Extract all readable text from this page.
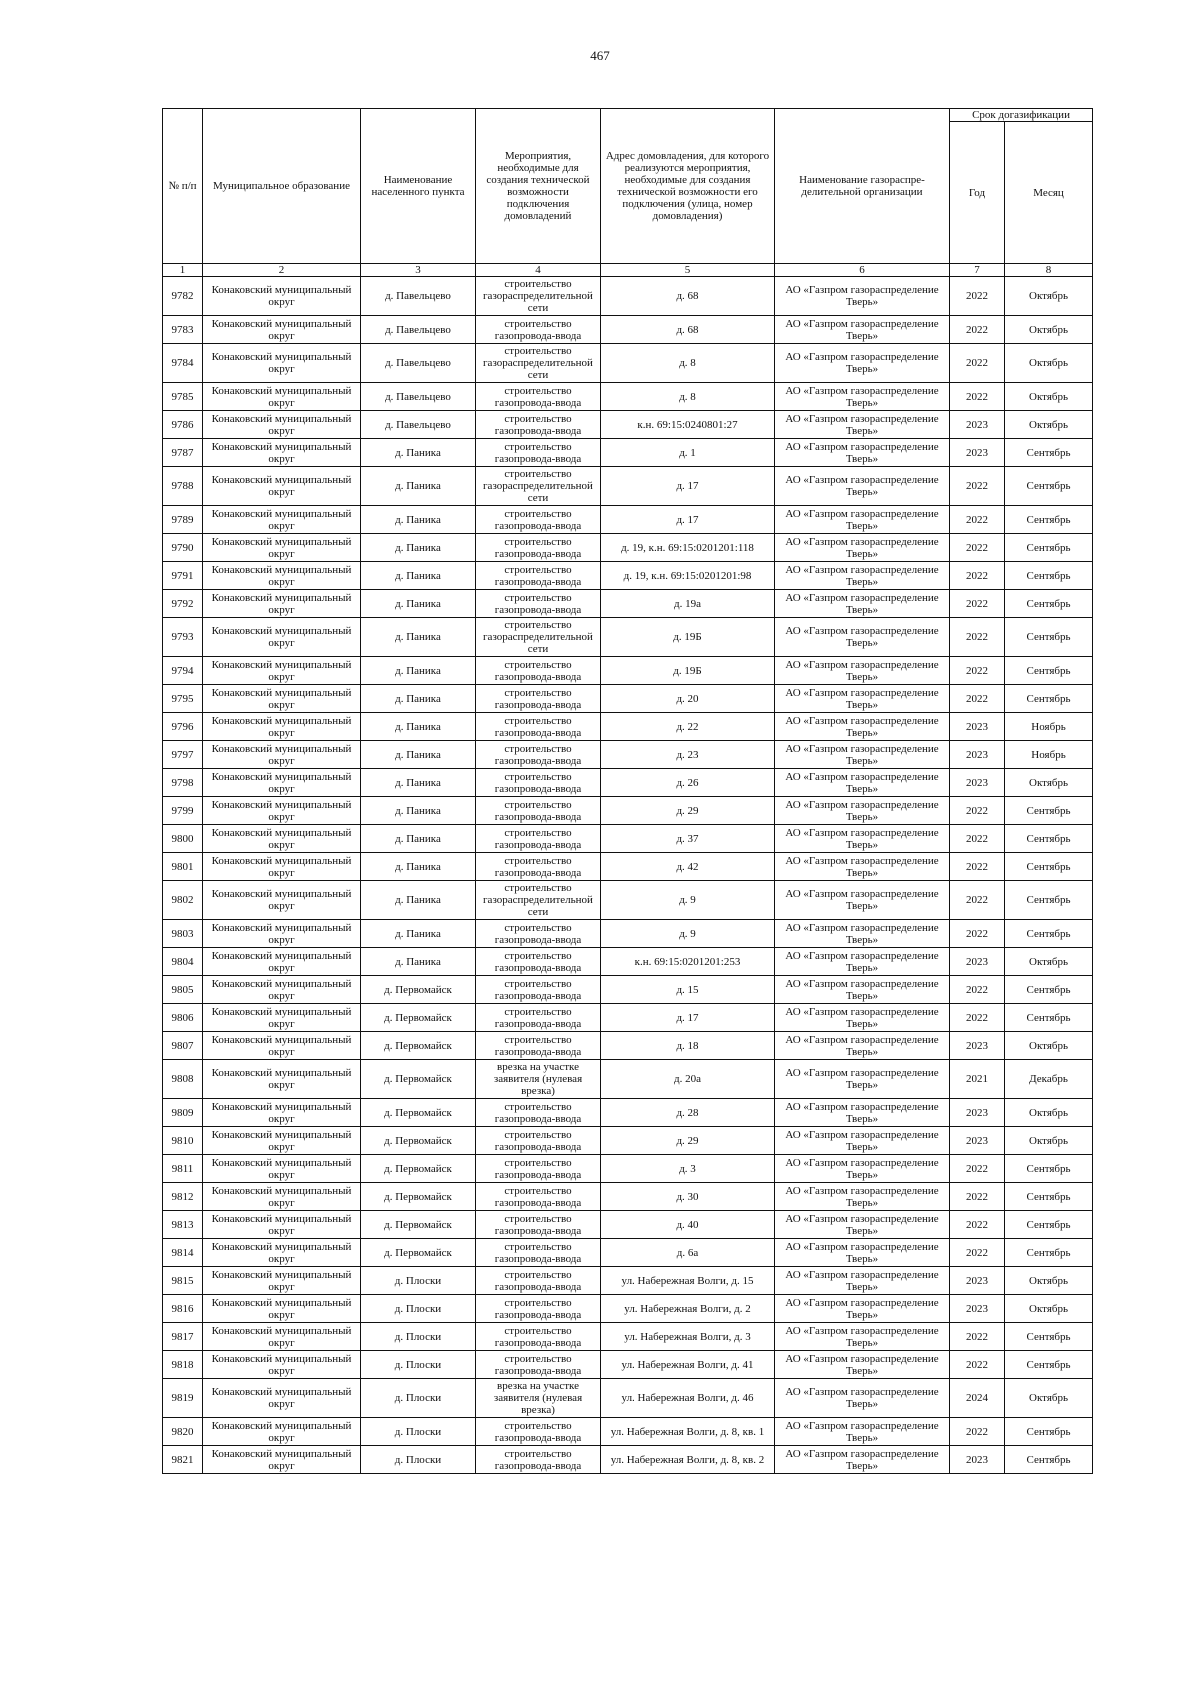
467
№ п/п	Муниципальное образование	Наименование населенного пункта	Мероприятия, необходимые для создания технической возможности подключения домовладений	Адрес домовладения, для которого реализуются мероприятия, необходимые для создания технической возможности его подключения (улица, номер домовладения)	Наименование газораспре-делительной организации	Срок догазификации	
						Год	Месяц
1	2	3	4	5	6	7	8
9782	Конаковский муниципальный округ	д. Павельцево	строительство газораспределительной сети	д. 68	АО «Газпром газораспределение Тверь»	2022	Октябрь
9783	Конаковский муниципальный округ	д. Павельцево	строительство газопровода-ввода	д. 68	АО «Газпром газораспределение Тверь»	2022	Октябрь
9784	Конаковский муниципальный округ	д. Павельцево	строительство газораспределительной сети	д. 8	АО «Газпром газораспределение Тверь»	2022	Октябрь
9785	Конаковский муниципальный округ	д. Павельцево	строительство газопровода-ввода	д. 8	АО «Газпром газораспределение Тверь»	2022	Октябрь
9786	Конаковский муниципальный округ	д. Павельцево	строительство газопровода-ввода	к.н. 69:15:0240801:27	АО «Газпром газораспределение Тверь»	2023	Октябрь
9787	Конаковский муниципальный округ	д. Паника	строительство газопровода-ввода	д. 1	АО «Газпром газораспределение Тверь»	2023	Сентябрь
9788	Конаковский муниципальный округ	д. Паника	строительство газораспределительной сети	д. 17	АО «Газпром газораспределение Тверь»	2022	Сентябрь
9789	Конаковский муниципальный округ	д. Паника	строительство газопровода-ввода	д. 17	АО «Газпром газораспределение Тверь»	2022	Сентябрь
9790	Конаковский муниципальный округ	д. Паника	строительство газопровода-ввода	д. 19, к.н. 69:15:0201201:118	АО «Газпром газораспределение Тверь»	2022	Сентябрь
9791	Конаковский муниципальный округ	д. Паника	строительство газопровода-ввода	д. 19, к.н. 69:15:0201201:98	АО «Газпром газораспределение Тверь»	2022	Сентябрь
9792	Конаковский муниципальный округ	д. Паника	строительство газопровода-ввода	д. 19а	АО «Газпром газораспределение Тверь»	2022	Сентябрь
9793	Конаковский муниципальный округ	д. Паника	строительство газораспределительной сети	д. 19Б	АО «Газпром газораспределение Тверь»	2022	Сентябрь
9794	Конаковский муниципальный округ	д. Паника	строительство газопровода-ввода	д. 19Б	АО «Газпром газораспределение Тверь»	2022	Сентябрь
9795	Конаковский муниципальный округ	д. Паника	строительство газопровода-ввода	д. 20	АО «Газпром газораспределение Тверь»	2022	Сентябрь
9796	Конаковский муниципальный округ	д. Паника	строительство газопровода-ввода	д. 22	АО «Газпром газораспределение Тверь»	2023	Ноябрь
9797	Конаковский муниципальный округ	д. Паника	строительство газопровода-ввода	д. 23	АО «Газпром газораспределение Тверь»	2023	Ноябрь
9798	Конаковский муниципальный округ	д. Паника	строительство газопровода-ввода	д. 26	АО «Газпром газораспределение Тверь»	2023	Октябрь
9799	Конаковский муниципальный округ	д. Паника	строительство газопровода-ввода	д. 29	АО «Газпром газораспределение Тверь»	2022	Сентябрь
9800	Конаковский муниципальный округ	д. Паника	строительство газопровода-ввода	д. 37	АО «Газпром газораспределение Тверь»	2022	Сентябрь
9801	Конаковский муниципальный округ	д. Паника	строительство газопровода-ввода	д. 42	АО «Газпром газораспределение Тверь»	2022	Сентябрь
9802	Конаковский муниципальный округ	д. Паника	строительство газораспределительной сети	д. 9	АО «Газпром газораспределение Тверь»	2022	Сентябрь
9803	Конаковский муниципальный округ	д. Паника	строительство газопровода-ввода	д. 9	АО «Газпром газораспределение Тверь»	2022	Сентябрь
9804	Конаковский муниципальный округ	д. Паника	строительство газопровода-ввода	к.н. 69:15:0201201:253	АО «Газпром газораспределение Тверь»	2023	Октябрь
9805	Конаковский муниципальный округ	д. Первомайск	строительство газопровода-ввода	д. 15	АО «Газпром газораспределение Тверь»	2022	Сентябрь
9806	Конаковский муниципальный округ	д. Первомайск	строительство газопровода-ввода	д. 17	АО «Газпром газораспределение Тверь»	2022	Сентябрь
9807	Конаковский муниципальный округ	д. Первомайск	строительство газопровода-ввода	д. 18	АО «Газпром газораспределение Тверь»	2023	Октябрь
9808	Конаковский муниципальный округ	д. Первомайск	врезка на участке заявителя (нулевая врезка)	д. 20а	АО «Газпром газораспределение Тверь»	2021	Декабрь
9809	Конаковский муниципальный округ	д. Первомайск	строительство газопровода-ввода	д. 28	АО «Газпром газораспределение Тверь»	2023	Октябрь
9810	Конаковский муниципальный округ	д. Первомайск	строительство газопровода-ввода	д. 29	АО «Газпром газораспределение Тверь»	2023	Октябрь
9811	Конаковский муниципальный округ	д. Первомайск	строительство газопровода-ввода	д. 3	АО «Газпром газораспределение Тверь»	2022	Сентябрь
9812	Конаковский муниципальный округ	д. Первомайск	строительство газопровода-ввода	д. 30	АО «Газпром газораспределение Тверь»	2022	Сентябрь
9813	Конаковский муниципальный округ	д. Первомайск	строительство газопровода-ввода	д. 40	АО «Газпром газораспределение Тверь»	2022	Сентябрь
9814	Конаковский муниципальный округ	д. Первомайск	строительство газопровода-ввода	д. 6а	АО «Газпром газораспределение Тверь»	2022	Сентябрь
9815	Конаковский муниципальный округ	д. Плоски	строительство газопровода-ввода	ул. Набережная Волги, д. 15	АО «Газпром газораспределение Тверь»	2023	Октябрь
9816	Конаковский муниципальный округ	д. Плоски	строительство газопровода-ввода	ул. Набережная Волги, д. 2	АО «Газпром газораспределение Тверь»	2023	Октябрь
9817	Конаковский муниципальный округ	д. Плоски	строительство газопровода-ввода	ул. Набережная Волги, д. 3	АО «Газпром газораспределение Тверь»	2022	Сентябрь
9818	Конаковский муниципальный округ	д. Плоски	строительство газопровода-ввода	ул. Набережная Волги, д. 41	АО «Газпром газораспределение Тверь»	2022	Сентябрь
9819	Конаковский муниципальный округ	д. Плоски	врезка на участке заявителя (нулевая врезка)	ул. Набережная Волги, д. 46	АО «Газпром газораспределение Тверь»	2024	Октябрь
9820	Конаковский муниципальный округ	д. Плоски	строительство газопровода-ввода	ул. Набережная Волги, д. 8, кв. 1	АО «Газпром газораспределение Тверь»	2022	Сентябрь
9821	Конаковский муниципальный округ	д. Плоски	строительство газопровода-ввода	ул. Набережная Волги, д. 8, кв. 2	АО «Газпром газораспределение Тверь»	2023	Сентябрь
